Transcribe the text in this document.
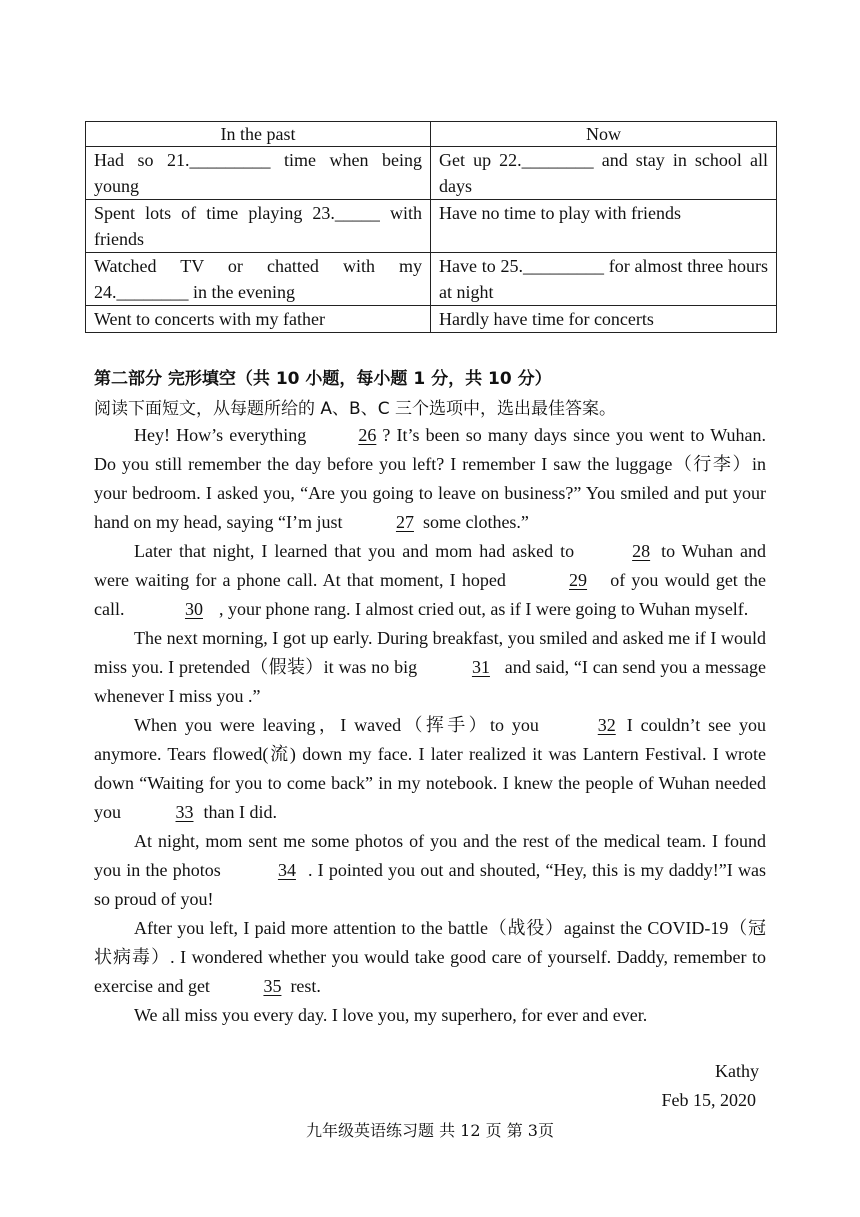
In the past	Now
Had so 21._________ time when being young	Get up 22.________ and stay in school all days
Spent lots of time playing 23._____ with friends	Have no time to play with friends
Watched TV or chatted with my 24.________ in the evening	Have to 25._________ for almost three hours at night
Went to concerts with my father	Hardly have time for concerts
第二部分 完形填空（共 10 小题，每小题 1 分，共 10 分）
阅读下面短文，从每题所给的 A、B、C 三个选项中，选出最佳答案。

Hey! How’s everything	26 ? It’s been so many days since you went to Wuhan. Do you still remember the day before you left? I remember I saw the luggage（行李）in your bedroom. I asked you, “Are you going to leave on business?” You smiled and put your hand on my head, saying “I’m just	27 some clothes.”

Later that night, I learned that you and mom had asked to	28 to Wuhan and were waiting for a phone call. At that moment, I hoped	29 of you would get the call.	30 , your phone rang. I almost cried out, as if I were going to Wuhan myself.

The next morning, I got up early. During breakfast, you smiled and asked me if I would miss you. I pretended（假装）it was no big	31 and said, “I can send you a message whenever I miss you .”

When you were leaving，I waved（挥手）to you	32 I couldn’t see you anymore. Tears flowed(流) down my face. I later realized it was Lantern Festival. I wrote down “Waiting for you to come back” in my notebook. I knew the people of Wuhan needed you	33 than I did.

At night, mom sent me some photos of you and the rest of the medical team. I found you in the photos	34 . I pointed you out and shouted, “Hey, this is my daddy!”I was so proud of you!

After you left, I paid more attention to the battle（战役）against the COVID-19（冠状病毒）. I wondered whether you would take good care of yourself. Daddy, remember to exercise and get	35 rest.

We all miss you every day. I love you, my superhero, for ever and ever.

Kathy
Feb 15, 2020
九年级英语练习题 共 12 页 第 3页
